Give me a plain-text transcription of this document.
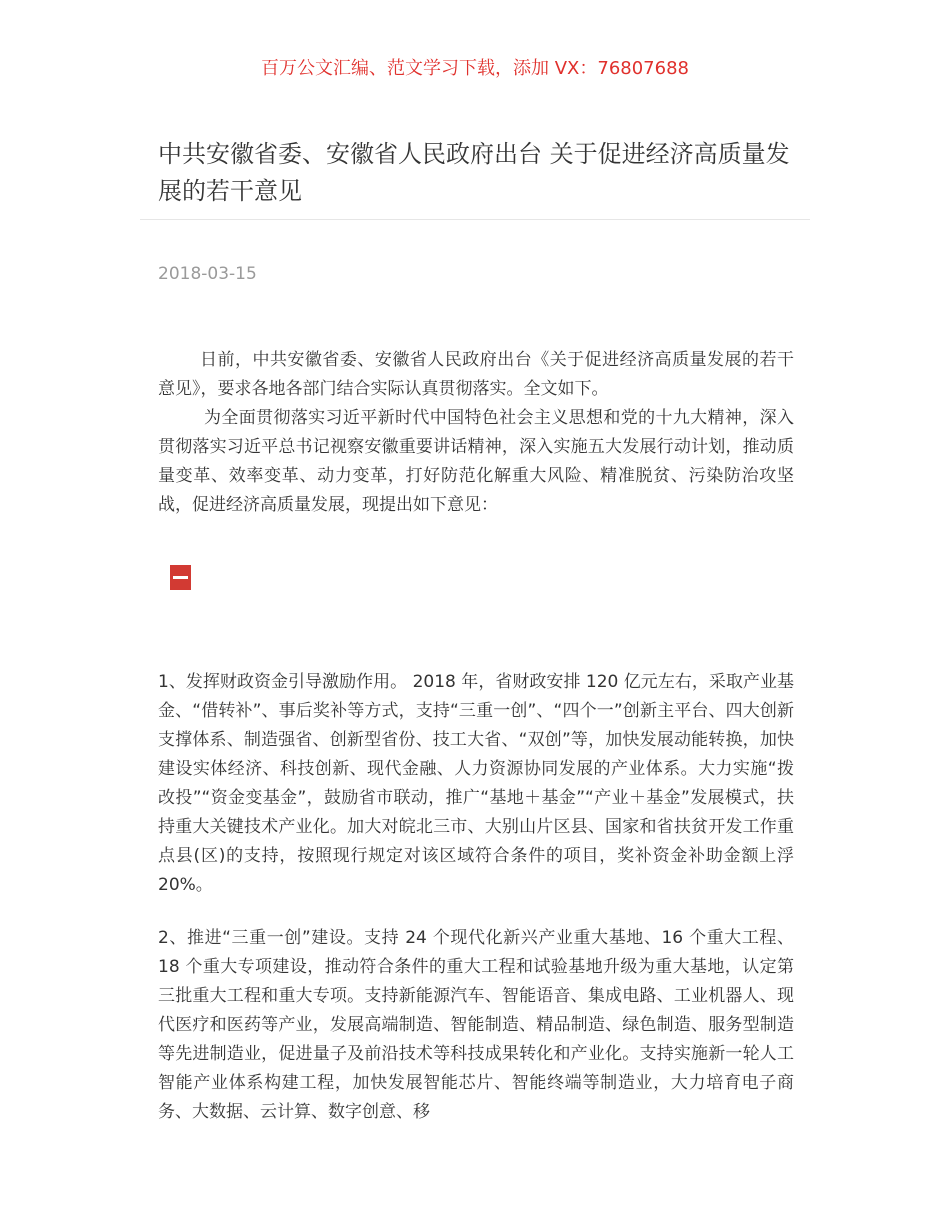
百万公文汇编、范文学习下载，添加 VX：76807688
中共安徽省委、安徽省人民政府出台 关于促进经济高质量发展的若干意见
2018-03-15

日前，中共安徽省委、安徽省人民政府出台《关于促进经济高质量发展的若干意见》，要求各地各部门结合实际认真贯彻落实。全文如下。

为全面贯彻落实习近平新时代中国特色社会主义思想和党的十九大精神，深入贯彻落实习近平总书记视察安徽重要讲话精神，深入实施五大发展行动计划，推动质量变革、效率变革、动力变革，打好防范化解重大风险、精准脱贫、污染防治攻坚战，促进经济高质量发展，现提出如下意见：

1、发挥财政资金引导激励作用。 2018 年，省财政安排 120 亿元左右，采取产业基金、“借转补”、事后奖补等方式，支持“三重一创”、“四个一”创新主平台、四大创新支撑体系、制造强省、创新型省份、技工大省、“双创”等，加快发展动能转换，加快建设实体经济、科技创新、现代金融、人力资源协同发展的产业体系。大力实施“拨改投”“资金变基金”，鼓励省市联动，推广“基地＋基金”“产业＋基金”发展模式，扶持重大关键技术产业化。加大对皖北三市、大别山片区县、国家和省扶贫开发工作重点县(区)的支持，按照现行规定对该区域符合条件的项目，奖补资金补助金额上浮 20%。

2、推进“三重一创”建设。支持 24 个现代化新兴产业重大基地、16 个重大工程、18 个重大专项建设，推动符合条件的重大工程和试验基地升级为重大基地，认定第三批重大工程和重大专项。支持新能源汽车、智能语音、集成电路、工业机器人、现代医疗和医药等产业，发展高端制造、智能制造、精品制造、绿色制造、服务型制造等先进制造业，促进量子及前沿技术等科技成果转化和产业化。支持实施新一轮人工智能产业体系构建工程，加快发展智能芯片、智能终端等制造业，大力培育电子商务、大数据、云计算、数字创意、移
